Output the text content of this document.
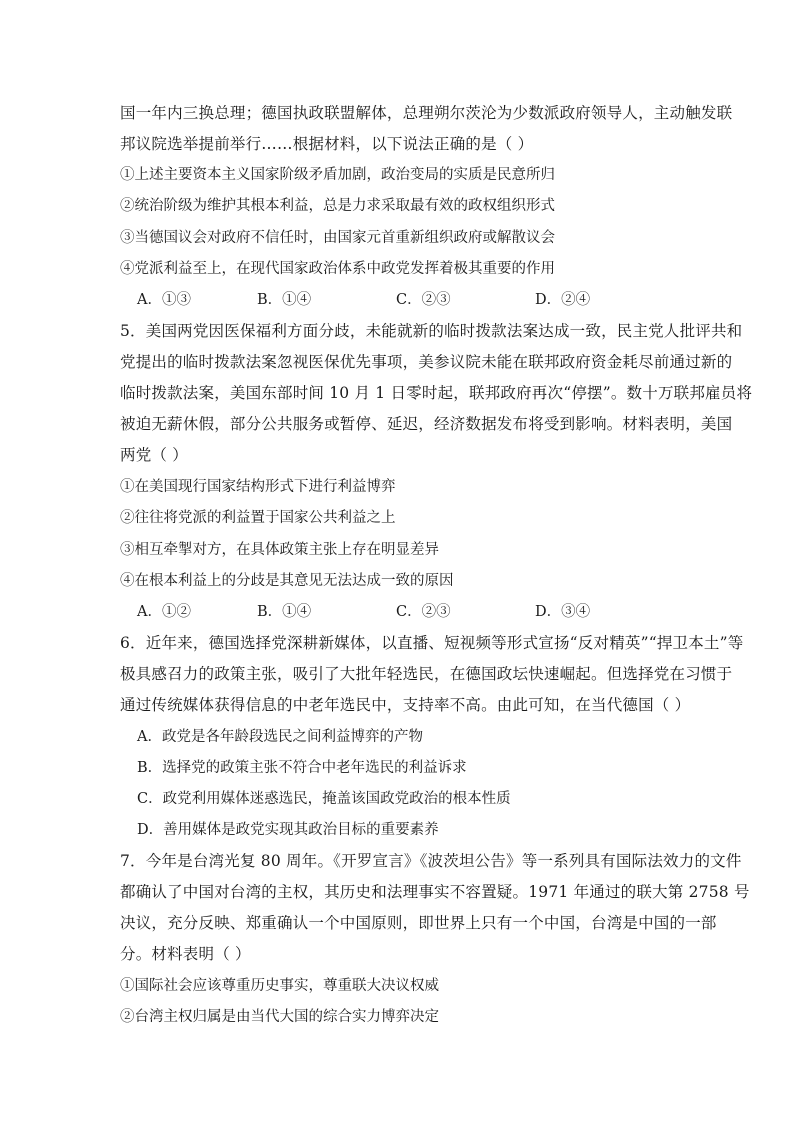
国一年内三换总理；德国执政联盟解体，总理朔尔茨沦为少数派政府领导人，主动触发联
邦议院选举提前举行……根据材料，以下说法正确的是（ ）
①上述主要资本主义国家阶级矛盾加剧，政治变局的实质是民意所归
②统治阶级为维护其根本利益，总是力求采取最有效的政权组织形式
③当德国议会对政府不信任时，由国家元首重新组织政府或解散议会
④党派利益至上，在现代国家政治体系中政党发挥着极其重要的作用
A．①③	B．①④	C．②③	D．②④
5．美国两党因医保福利方面分歧，未能就新的临时拨款法案达成一致，民主党人批评共和
党提出的临时拨款法案忽视医保优先事项，美参议院未能在联邦政府资金耗尽前通过新的
临时拨款法案，美国东部时间 10 月 1 日零时起，联邦政府再次“停摆”。数十万联邦雇员将
被迫无薪休假，部分公共服务或暂停、延迟，经济数据发布将受到影响。材料表明，美国
两党（ ）
①在美国现行国家结构形式下进行利益博弈
②往往将党派的利益置于国家公共利益之上
③相互牵掣对方，在具体政策主张上存在明显差异
④在根本利益上的分歧是其意见无法达成一致的原因
A．①②	B．①④	C．②③	D．③④
6．近年来，德国选择党深耕新媒体，以直播、短视频等形式宣扬“反对精英”“捍卫本土”等
极具感召力的政策主张，吸引了大批年轻选民，在德国政坛快速崛起。但选择党在习惯于
通过传统媒体获得信息的中老年选民中，支持率不高。由此可知，在当代德国（ ）
A．政党是各年龄段选民之间利益博弈的产物
B．选择党的政策主张不符合中老年选民的利益诉求
C．政党利用媒体迷惑选民，掩盖该国政党政治的根本性质
D．善用媒体是政党实现其政治目标的重要素养
7．今年是台湾光复 80 周年。《开罗宣言》《波茨坦公告》等一系列具有国际法效力的文件
都确认了中国对台湾的主权，其历史和法理事实不容置疑。1971 年通过的联大第 2758 号
决议，充分反映、郑重确认一个中国原则，即世界上只有一个中国，台湾是中国的一部
分。材料表明（ ）
①国际社会应该尊重历史事实，尊重联大决议权威
②台湾主权归属是由当代大国的综合实力博弈决定
